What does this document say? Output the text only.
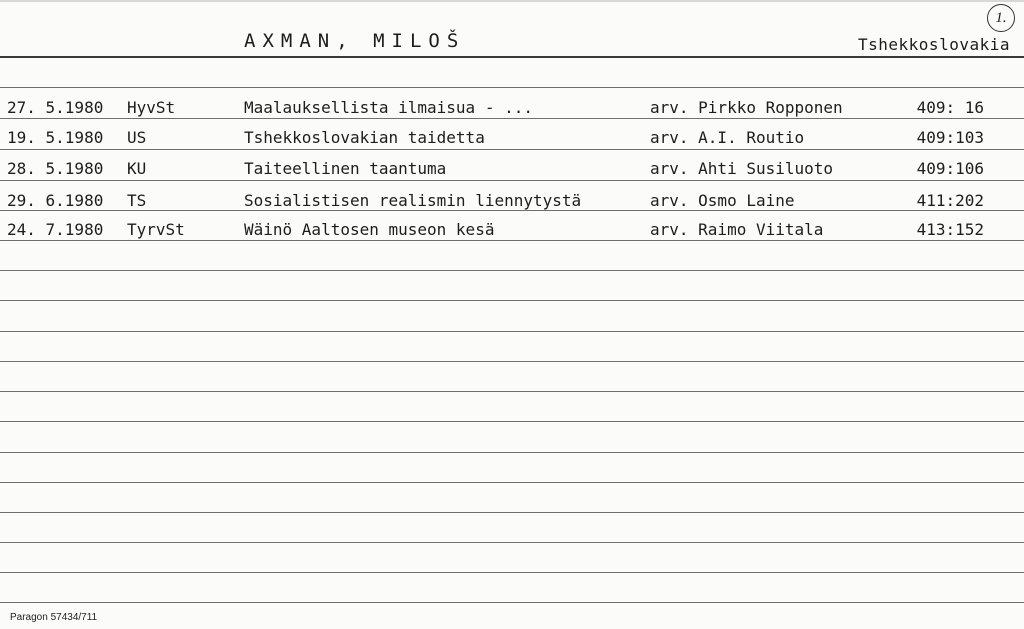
1.
AXMAN, MILOŠ	Tshekkoslovakia
27. 5.1980 HyvSt	Maalauksellista ilmaisua - ...	arv. Pirkko Ropponen	409: 16
19. 5.1980 US	Tshekkoslovakian taidetta	arv. A.I. Routio	409:103
28. 5.1980 KU	Taiteellinen taantuma	arv. Ahti Susiluoto	409:106
29. 6.1980 TS	Sosialistisen realismin liennytystä	arv. Osmo Laine	411:202
24. 7.1980 TyrvSt	Wäinö Aaltosen museon kesä	arv. Raimo Viitala	413:152
Paragon 57434/711
